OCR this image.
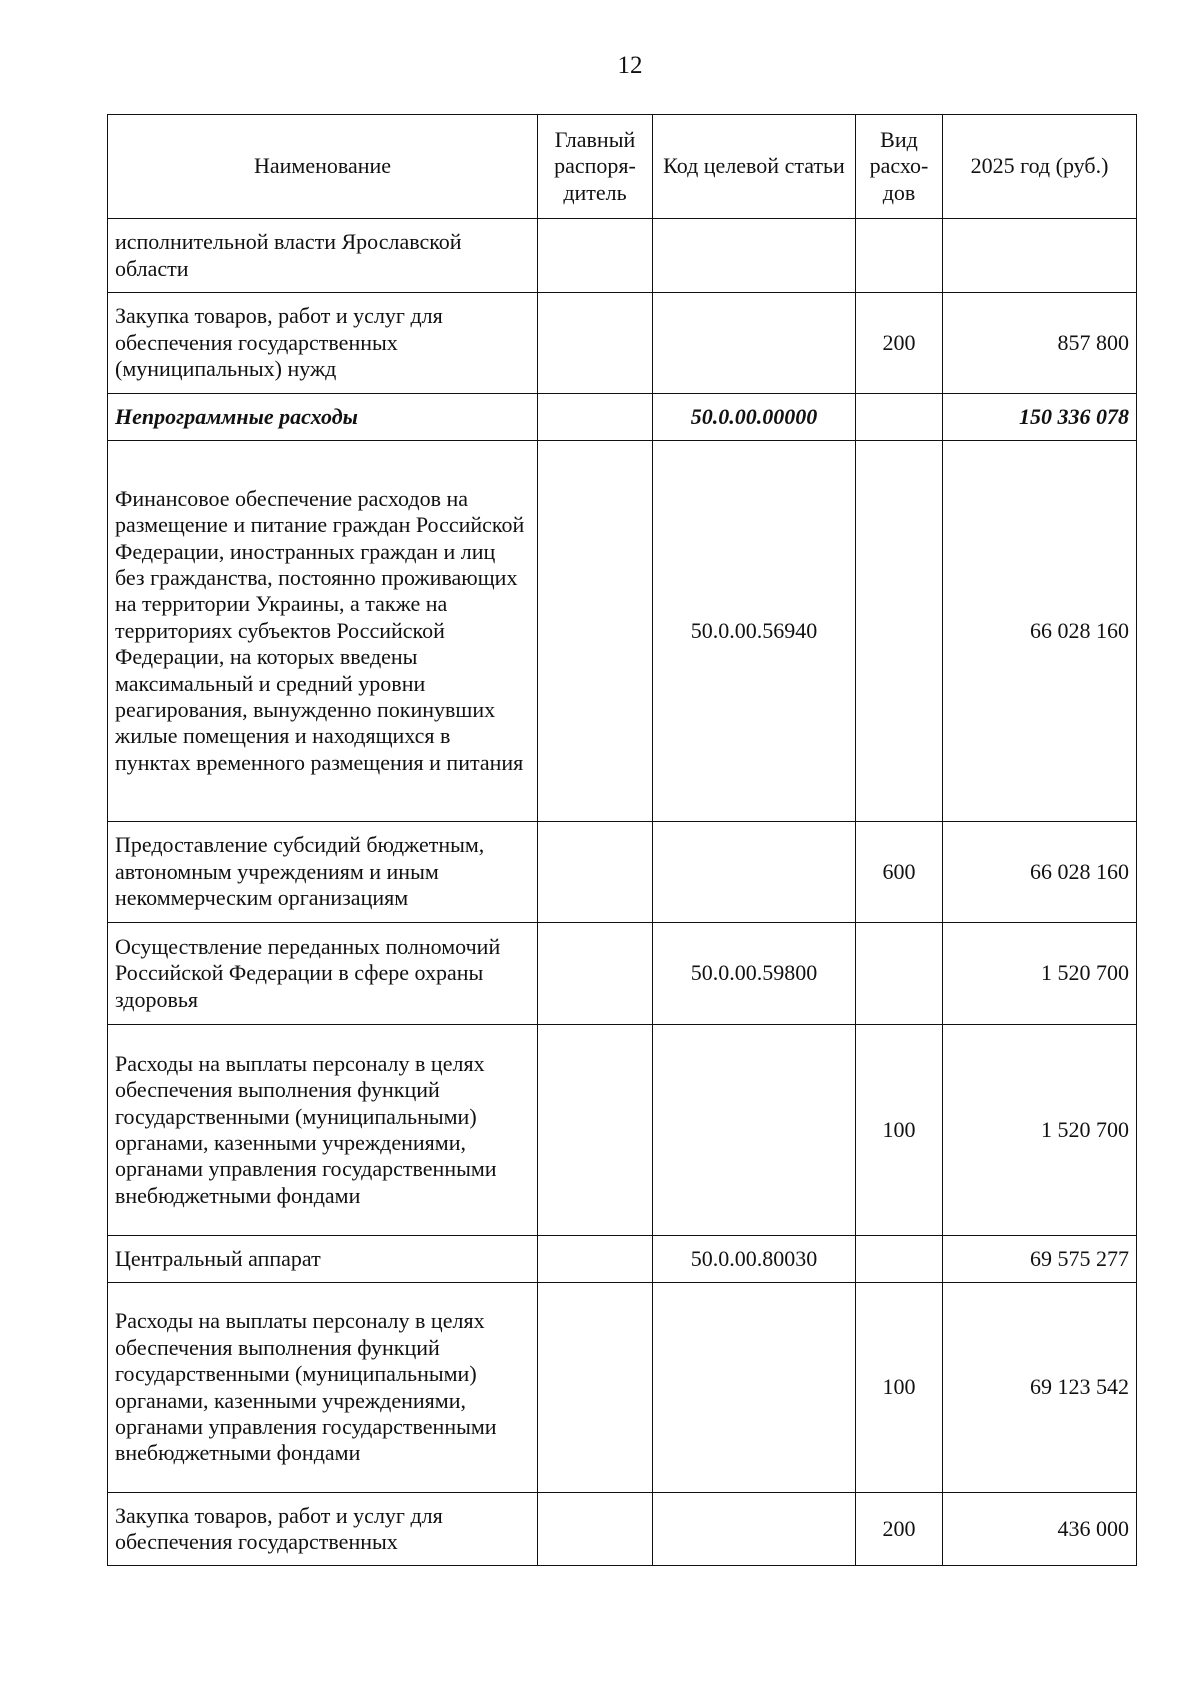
12
Наименование	Главный распоря-дитель	Код целевой статьи	Вид расхо-дов	2025 год (руб.)
исполнительной власти Ярославской области				
Закупка товаров, работ и услуг для обеспечения государственных (муниципальных) нужд			200	857 800
Непрограммные расходы		50.0.00.00000		150 336 078
Финансовое обеспечение расходов на размещение и питание граждан Российской Федерации, иностранных граждан и лиц без гражданства, постоянно проживающих на территории Украины, а также на территориях субъектов Российской Федерации, на которых введены максимальный и средний уровни реагирования, вынужденно покинувших жилые помещения и находящихся в пунктах временного размещения и питания		50.0.00.56940		66 028 160
Предоставление субсидий бюджетным, автономным учреждениям и иным некоммерческим организациям			600	66 028 160
Осуществление переданных полномочий Российской Федерации в сфере охраны здоровья		50.0.00.59800		1 520 700
Расходы на выплаты персоналу в целях обеспечения выполнения функций государственными (муниципальными) органами, казенными учреждениями, органами управления государственными внебюджетными фондами			100	1 520 700
Центральный аппарат		50.0.00.80030		69 575 277
Расходы на выплаты персоналу в целях обеспечения выполнения функций государственными (муниципальными) органами, казенными учреждениями, органами управления государственными внебюджетными фондами			100	69 123 542
Закупка товаров, работ и услуг для обеспечения государственных			200	436 000
